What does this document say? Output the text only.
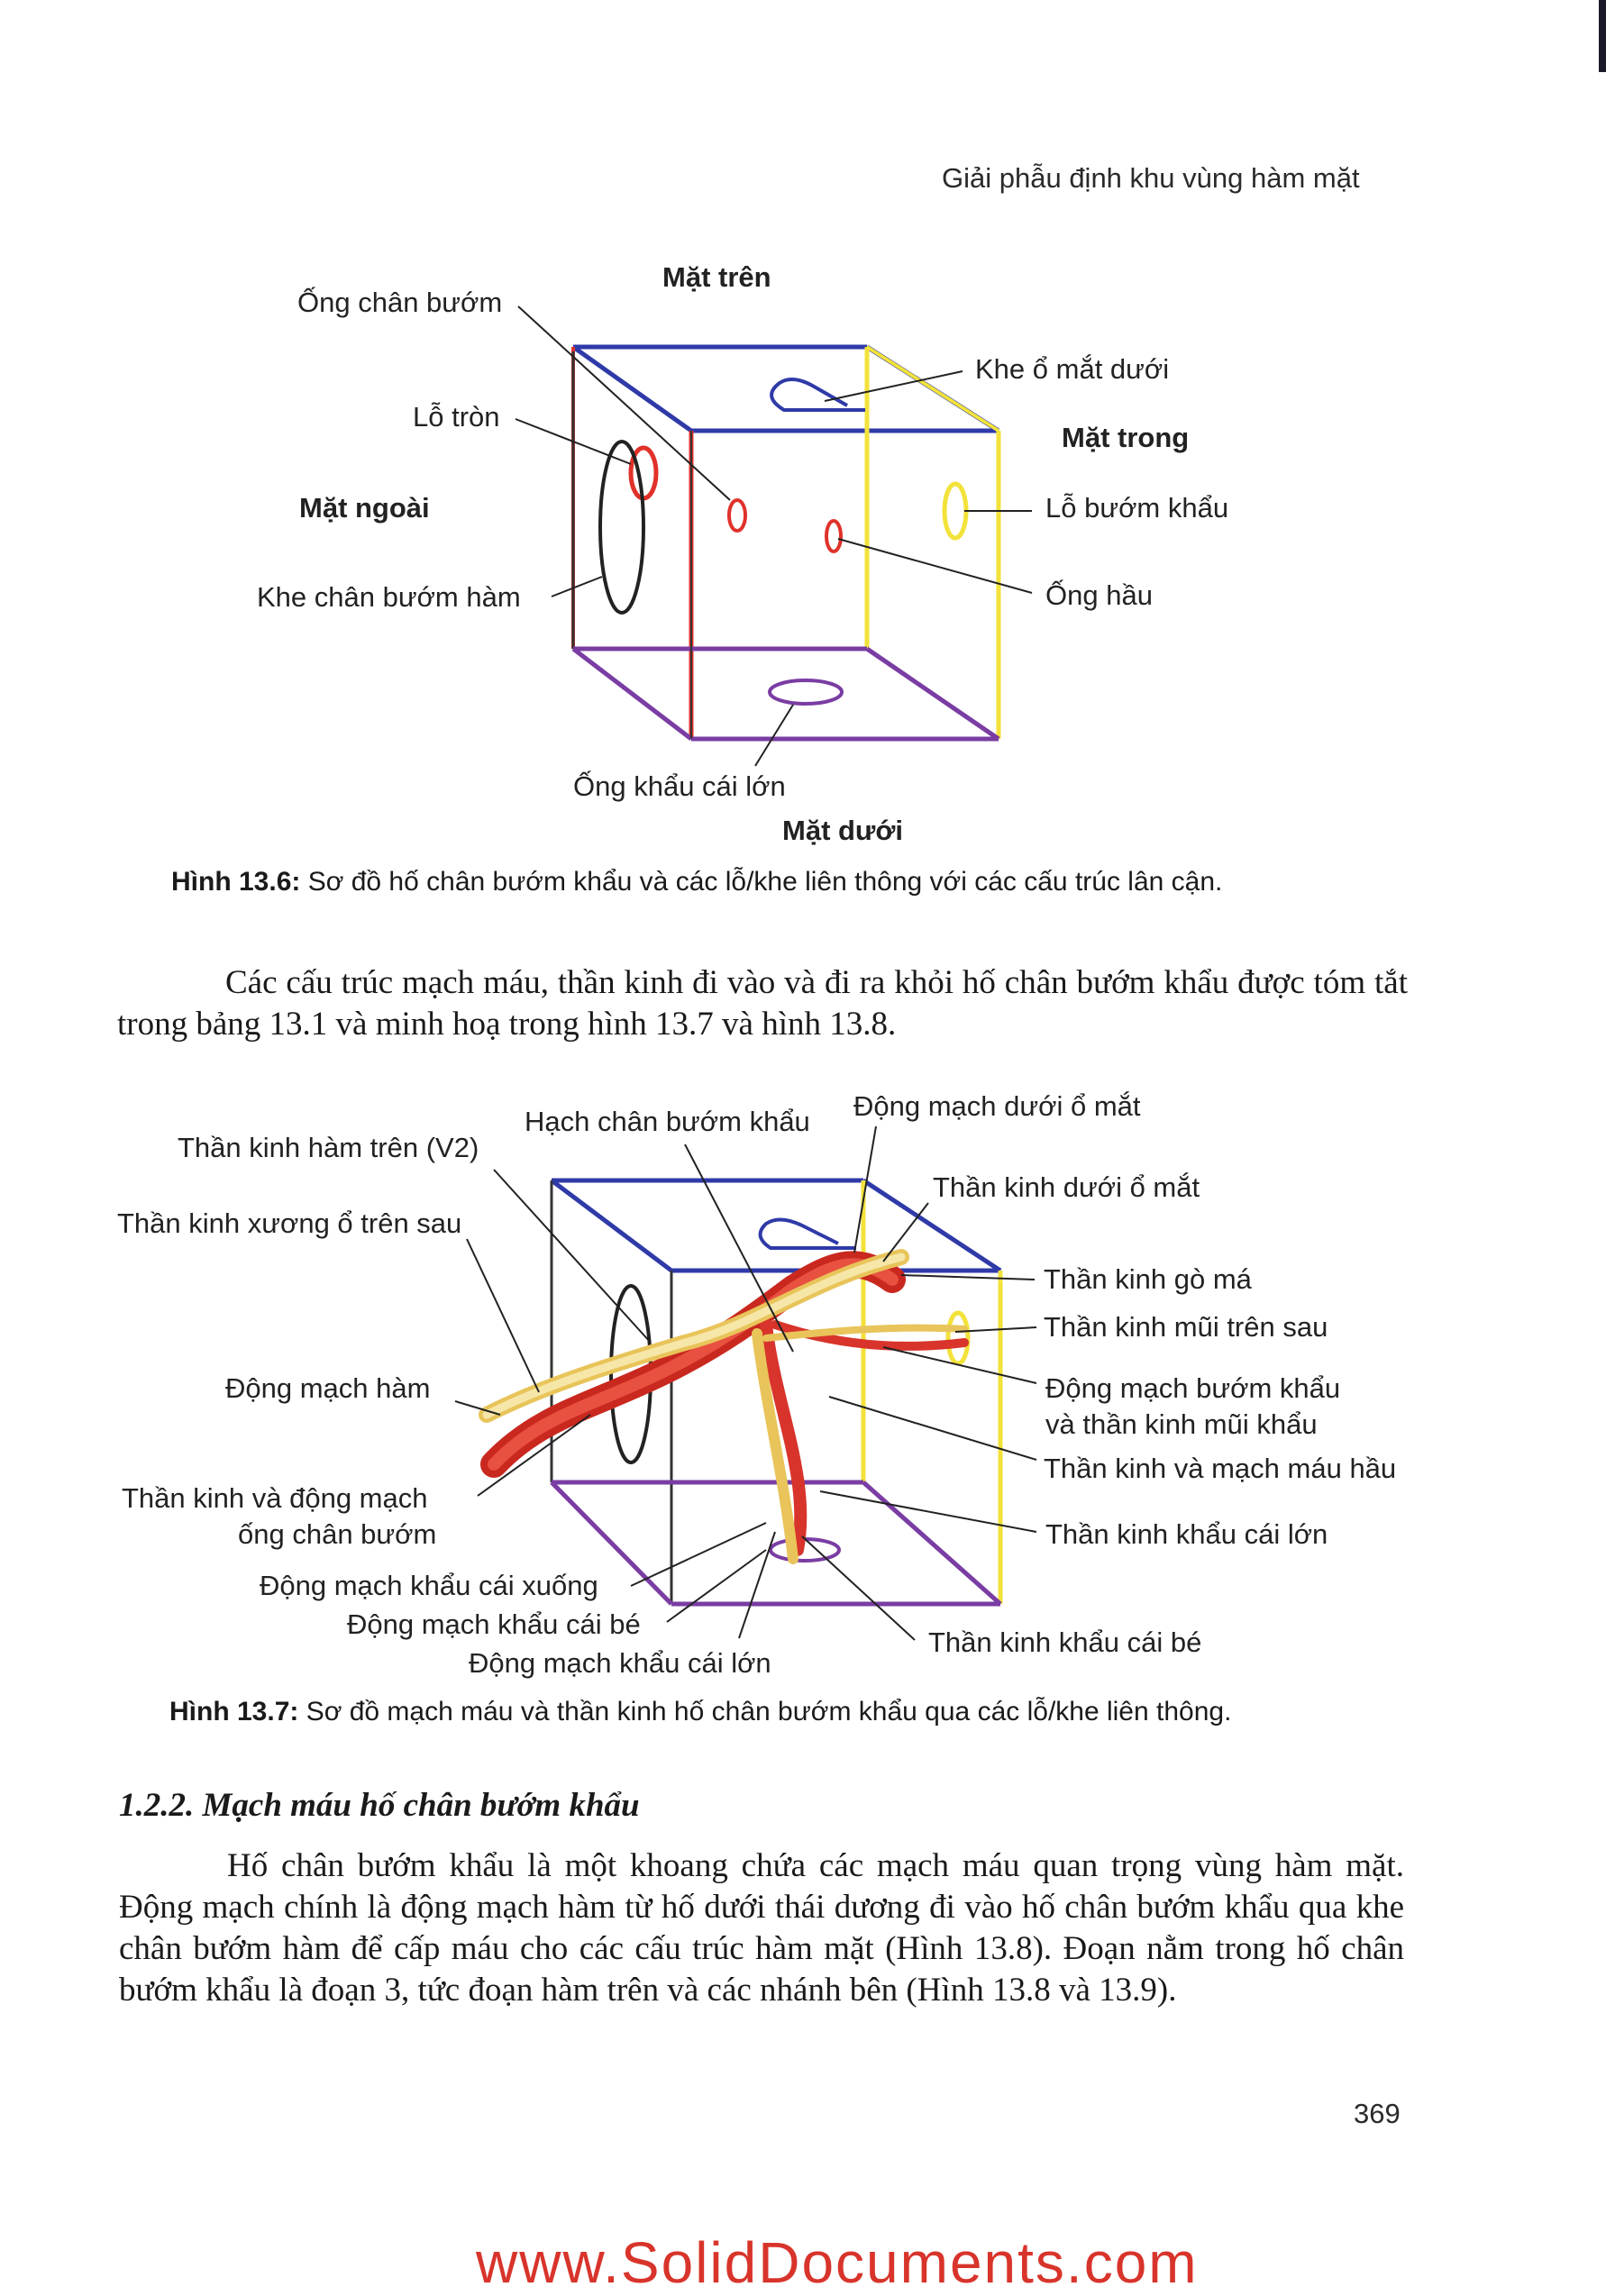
Giải phẫu định khu vùng hàm mặt
Mặt trên
Ống chân bướm
Khe ổ mắt dưới
Lỗ tròn
Mặt trong
Mặt ngoài	Lỗ bướm khẩu
Khe chân bướm hàm	Ống hầu
Ống khẩu cái lớn
Mặt dưới
Hình 13.6: Sơ đồ hố chân bướm khẩu và các lỗ/khe liên thông với các cấu trúc lân cận.
Các cấu trúc mạch máu, thần kinh đi vào và đi ra khỏi hố chân bướm khẩu được tóm tắt trong bảng 13.1 và minh hoạ trong hình 13.7 và hình 13.8.
Thần kinh hàm trên (V2)
Hạch chân bướm khẩu Động mạch dưới ổ mắt
Thần kinh xương ổ trên sau
Thần kinh dưới ổ mắt
Thần kinh gò má
Thần kinh mũi trên sau
Động mạch hàm	Động mạch bướm khẩu
và thần kinh mũi khẩu
Thần kinh và mạch máu hầu
Thần kinh và động mạch
ống chân bướm	Thần kinh khẩu cái lớn
Động mạch khẩu cái xuống
Động mạch khẩu cái bé
Thần kinh khẩu cái bé
Động mạch khẩu cái lớn
Hình 13.7: Sơ đồ mạch máu và thần kinh hố chân bướm khẩu qua các lỗ/khe liên thông.
1.2.2. Mạch máu hố chân bướm khẩu
Hố chân bướm khẩu là một khoang chứa các mạch máu quan trọng vùng hàm mặt. Động mạch chính là động mạch hàm từ hố dưới thái dương đi vào hố chân bướm khẩu qua khe chân bướm hàm để cấp máu cho các cấu trúc hàm mặt (Hình 13.8). Đoạn nằm trong hố chân bướm khẩu là đoạn 3, tức đoạn hàm trên và các nhánh bên (Hình 13.8 và 13.9).
369
www.SolidDocuments.com
